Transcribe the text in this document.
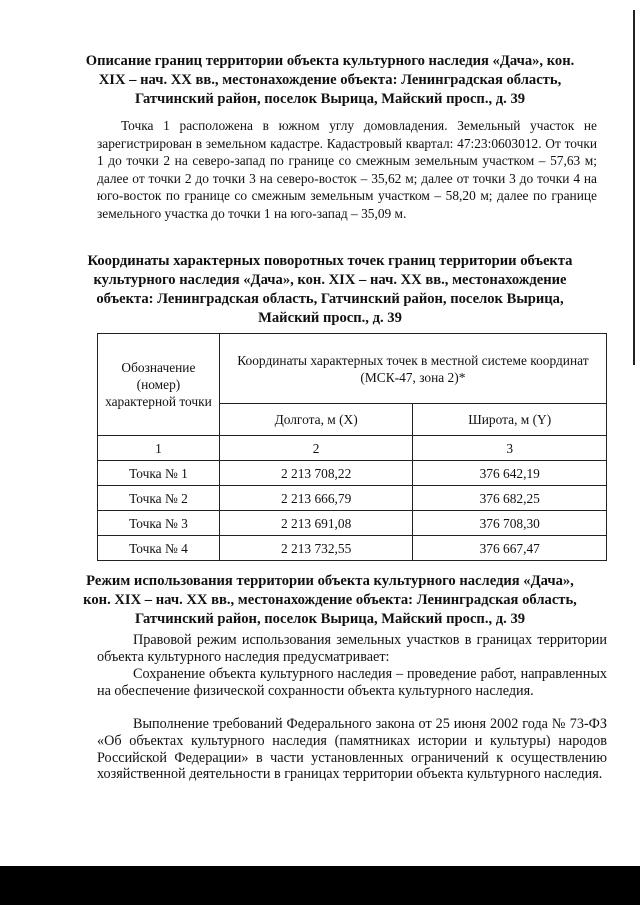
Описание границ территории объекта культурного наследия «Дача», кон. XIX – нач. XX вв., местонахождение объекта: Ленинградская область, Гатчинский район, поселок Вырица, Майский просп., д. 39

Точка 1 расположена в южном углу домовладения. Земельный участок не зарегистрирован в земельном кадастре. Кадастровый квартал: 47:23:0603012. От точки 1 до точки 2 на северо-запад по границе со смежным земельным участком – 57,63 м; далее от точки 2 до точки 3 на северо-восток – 35,62 м; далее от точки 3 до точки 4 на юго-восток по границе со смежным земельным участком – 58,20 м; далее по границе земельного участка до точки 1 на юго-запад – 35,09 м.

Координаты характерных поворотных точек границ территории объекта культурного наследия «Дача», кон. XIX – нач. XX вв., местонахождение объекта: Ленинградская область, Гатчинский район, поселок Вырица, Майский просп., д. 39
Обозначение (номер) характерной точки	Координаты характерных точек в местной системе координат (МСК-47, зона 2)*	
	Долгота, м (X)	Широта, м (Y)
1	2	3
Точка № 1	2 213 708,22	376 642,19
Точка № 2	2 213 666,79	376 682,25
Точка № 3	2 213 691,08	376 708,30
Точка № 4	2 213 732,55	376 667,47
Режим использования территории объекта культурного наследия «Дача», кон. XIX – нач. XX вв., местонахождение объекта: Ленинградская область, Гатчинский район, поселок Вырица, Майский просп., д. 39

Правовой режим использования земельных участков в границах территории объекта культурного наследия предусматривает:

Сохранение объекта культурного наследия – проведение работ, направленных на обеспечение физической сохранности объекта культурного наследия.

Выполнение требований Федерального закона от 25 июня 2002 года № 73-ФЗ «Об объектах культурного наследия (памятниках истории и культуры) народов Российской Федерации» в части установленных ограничений к осуществлению хозяйственной деятельности в границах территории объекта культурного наследия.
